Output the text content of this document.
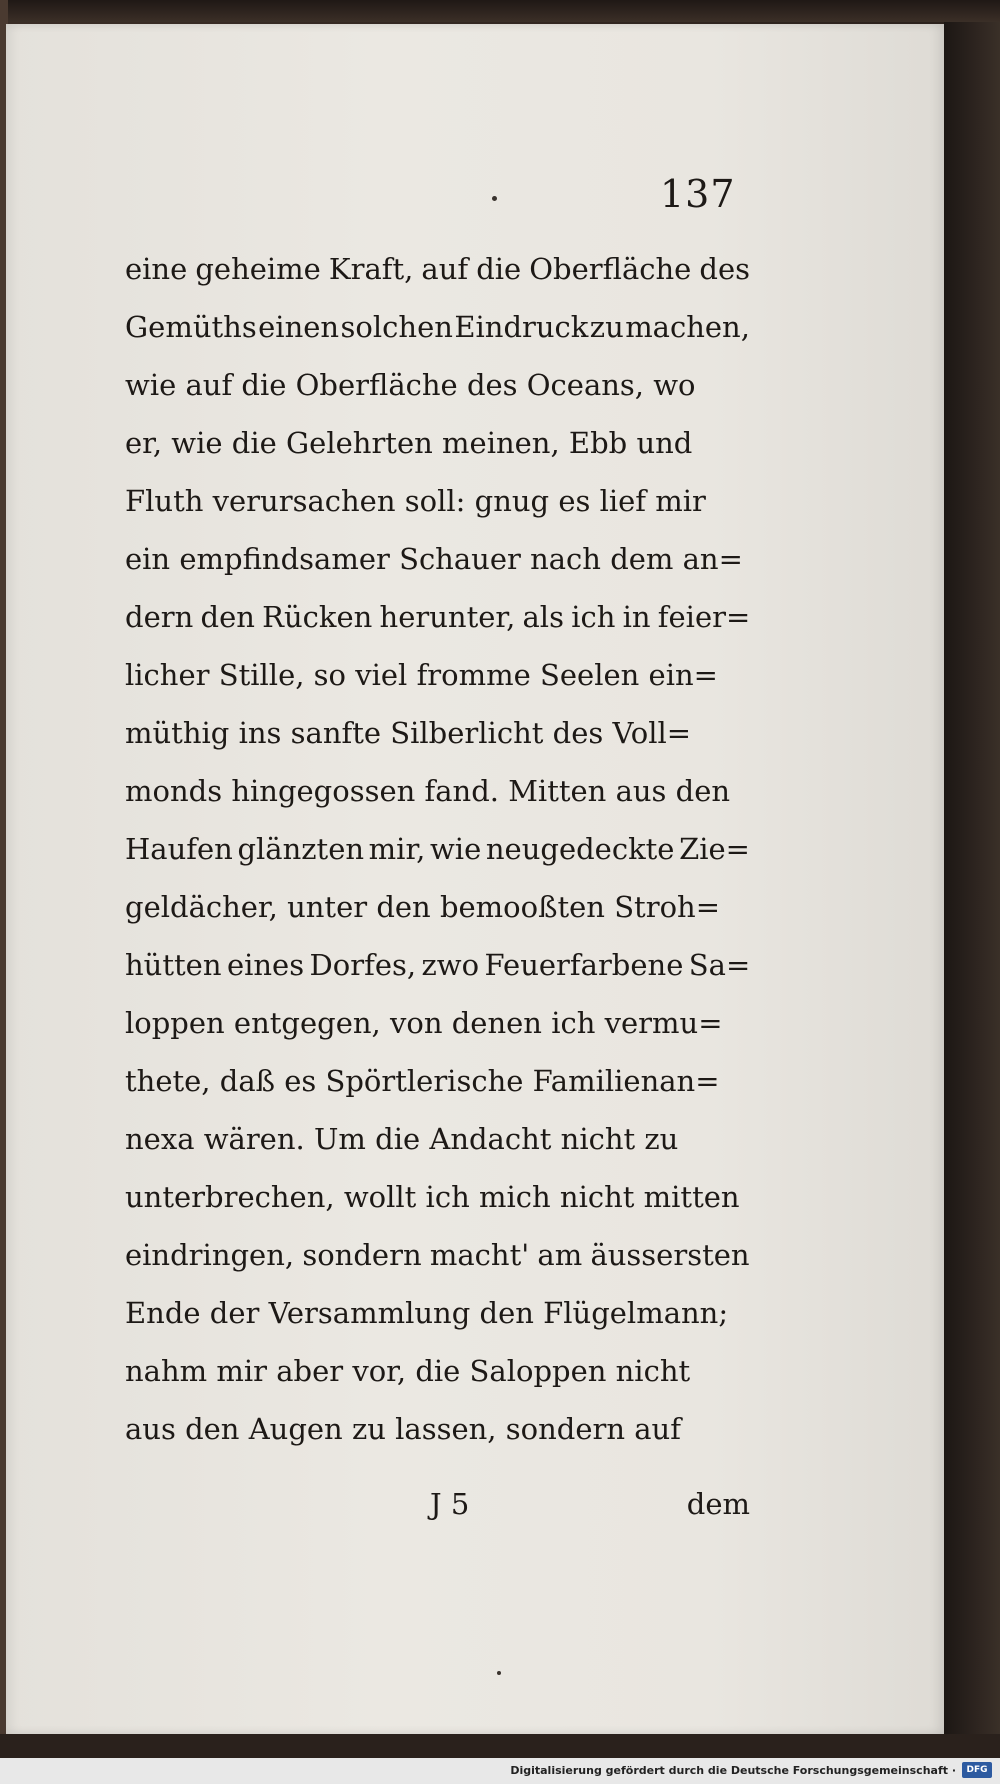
137
eine geheime Kraft, auf die Oberfläche des
Gemüths einen solchen Eindruck zu machen,
wie auf die Oberfläche des Oceans, wo
er, wie die Gelehrten meinen, Ebb und
Fluth verursachen soll: gnug es lief mir
ein empfindsamer Schauer nach dem an=
dern den Rücken herunter, als ich in feier=
licher Stille, so viel fromme Seelen ein=
müthig ins sanfte Silberlicht des Voll=
monds hingegossen fand. Mitten aus den
Haufen glänzten mir, wie neugedeckte Zie=
geldächer, unter den bemooßten Stroh=
hütten eines Dorfes, zwo Feuerfarbene Sa=
loppen entgegen, von denen ich vermu=
thete, daß es Spörtlerische Familienan=
nexa wären. Um die Andacht nicht zu
unterbrechen, wollt ich mich nicht mitten
eindringen, sondern macht' am äussersten
Ende der Versammlung den Flügelmann;
nahm mir aber vor, die Saloppen nicht
aus den Augen zu lassen, sondern auf
J 5	dem
Digitalisierung gefördert durch die Deutsche Forschungsgemeinschaft ·	DFG
